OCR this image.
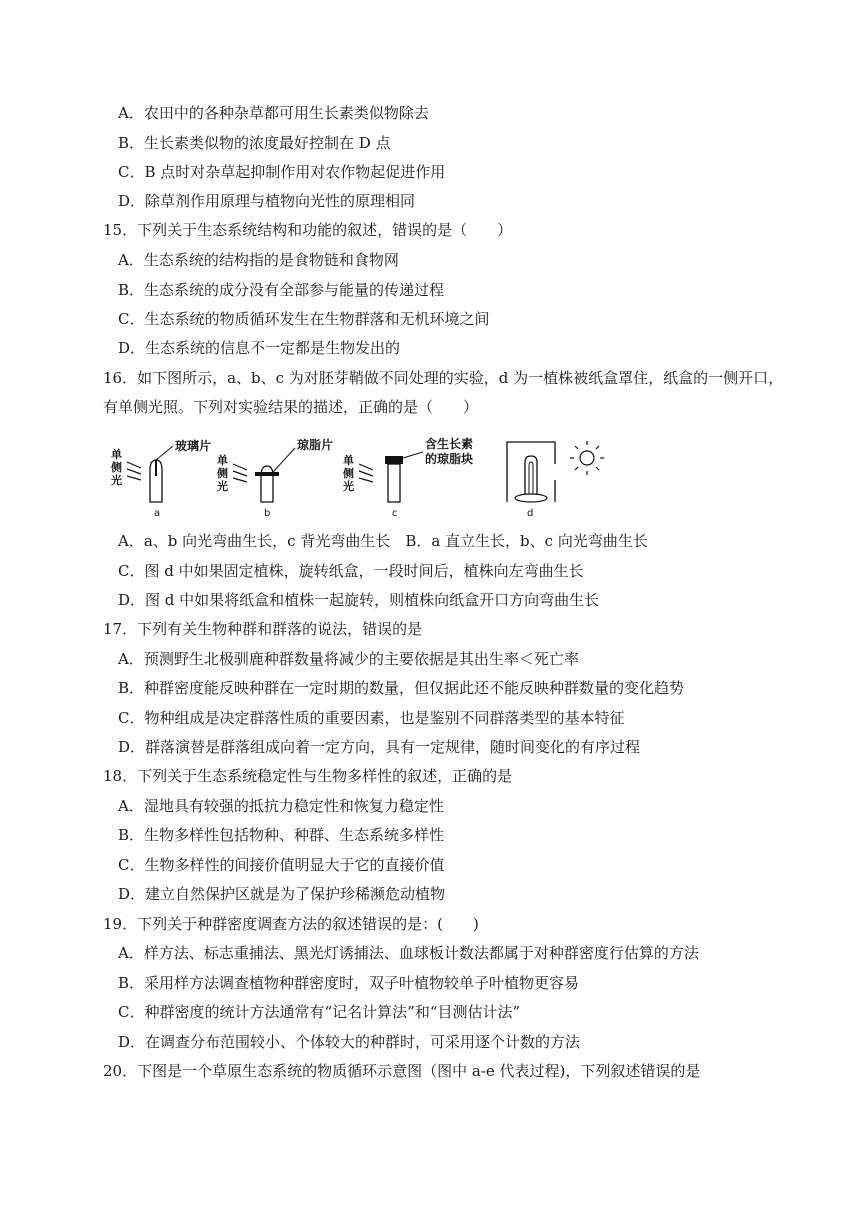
A．农田中的各种杂草都可用生长素类似物除去
B．生长素类似物的浓度最好控制在 D 点
C．B 点时对杂草起抑制作用对农作物起促进作用
D．除草剂作用原理与植物向光性的原理相同
15．下列关于生态系统结构和功能的叙述，错误的是（　　）
A．生态系统的结构指的是食物链和食物网
B．生态系统的成分没有全部参与能量的传递过程
C．生态系统的物质循环发生在生物群落和无机环境之间
D．生态系统的信息不一定都是生物发出的
16．如下图所示，a、b、c 为对胚芽鞘做不同处理的实验，d 为一植株被纸盒罩住，纸盒的一侧开口，
有单侧光照。下列对实验结果的描述，正确的是（　　）
单
侧
光
玻璃片
a
单
侧
光
琼脂片
b
单
侧
光
含生长素
的琼脂块
c	d
A．a、b 向光弯曲生长，c 背光弯曲生长　B．a 直立生长，b、c 向光弯曲生长
C．图 d 中如果固定植株，旋转纸盒，一段时间后，植株向左弯曲生长
D．图 d 中如果将纸盒和植株一起旋转，则植株向纸盒开口方向弯曲生长
17．下列有关生物种群和群落的说法，错误的是
A．预测野生北极驯鹿种群数量将减少的主要依据是其出生率＜死亡率
B．种群密度能反映种群在一定时期的数量，但仅据此还不能反映种群数量的变化趋势
C．物种组成是决定群落性质的重要因素，也是鉴别不同群落类型的基本特征
D．群落演替是群落组成向着一定方向，具有一定规律，随时间变化的有序过程
18．下列关于生态系统稳定性与生物多样性的叙述，正确的是
A．湿地具有较强的抵抗力稳定性和恢复力稳定性
B．生物多样性包括物种、种群、生态系统多样性
C．生物多样性的间接价值明显大于它的直接价值
D．建立自然保护区就是为了保护珍稀濒危动植物
19．下列关于种群密度调查方法的叙述错误的是：(　　)
A．样方法、标志重捕法、黑光灯诱捕法、血球板计数法都属于对种群密度行估算的方法
B．采用样方法调查植物种群密度时，双子叶植物较单子叶植物更容易
C．种群密度的统计方法通常有“记名计算法”和“目测估计法”
D．在调查分布范围较小、个体较大的种群时，可采用逐个计数的方法
20．下图是一个草原生态系统的物质循环示意图（图中 a-e 代表过程)，下列叙述错误的是
